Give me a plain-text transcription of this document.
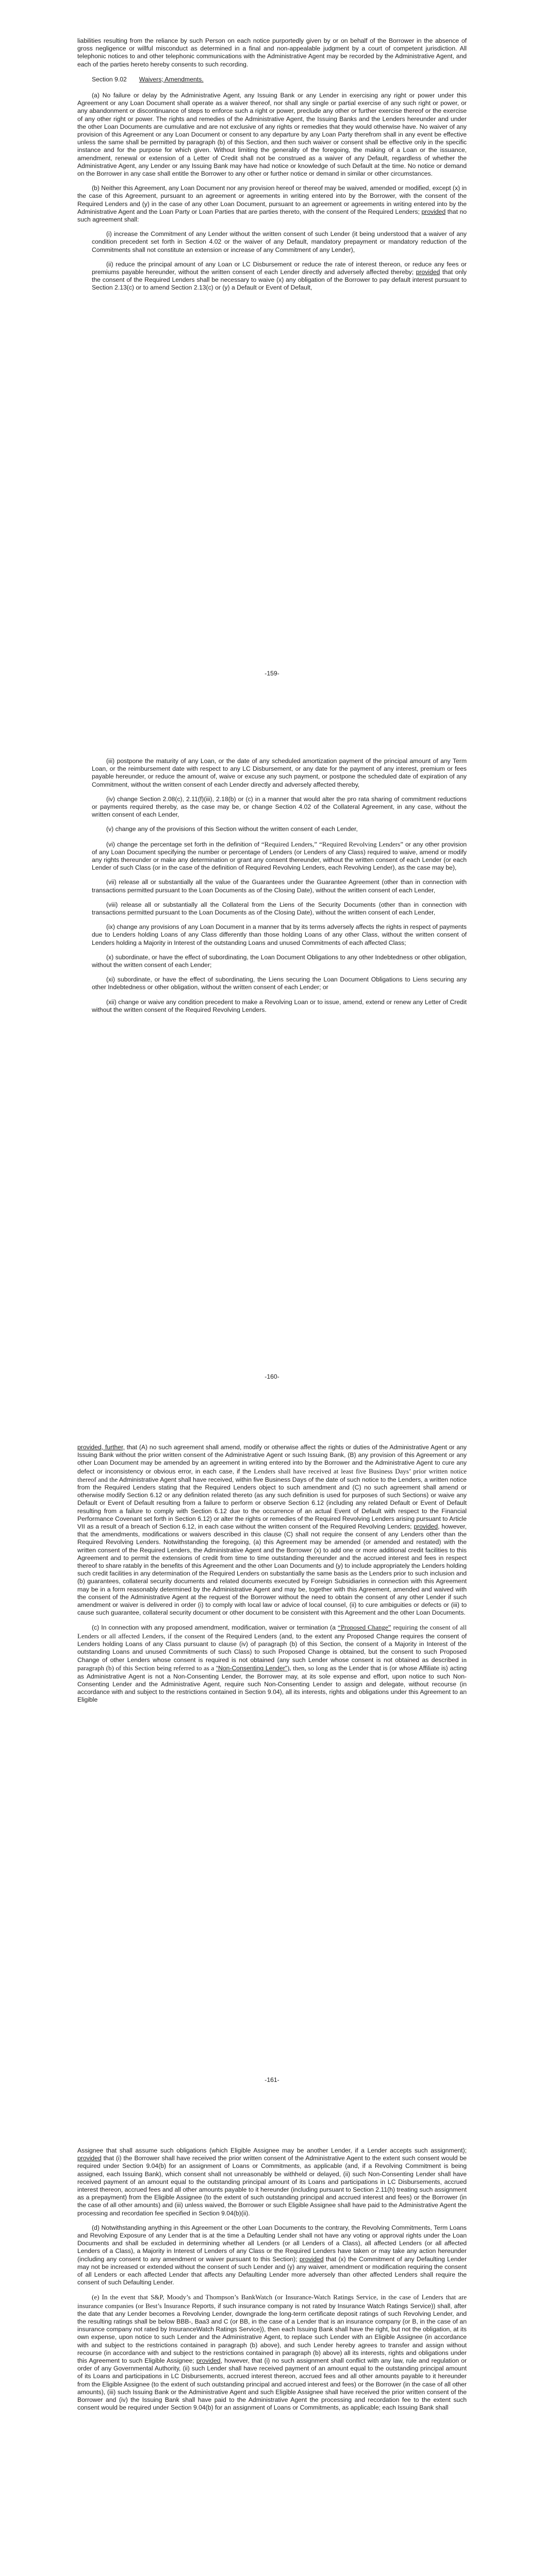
liabilities resulting from the reliance by such Person on each notice purportedly given by or on behalf of the Borrower in the absence of gross negligence or willful misconduct as determined in a final and non-appealable judgment by a court of competent jurisdiction. All telephonic notices to and other telephonic communications with the Administrative Agent may be recorded by the Administrative Agent, and each of the parties hereto hereby consents to such recording.

Section 9.02 Waivers; Amendments.

(a) No failure or delay by the Administrative Agent, any Issuing Bank or any Lender in exercising any right or power under this Agreement or any Loan Document shall operate as a waiver thereof, nor shall any single or partial exercise of any such right or power, or any abandonment or discontinuance of steps to enforce such a right or power, preclude any other or further exercise thereof or the exercise of any other right or power. The rights and remedies of the Administrative Agent, the Issuing Banks and the Lenders hereunder and under the other Loan Documents are cumulative and are not exclusive of any rights or remedies that they would otherwise have. No waiver of any provision of this Agreement or any Loan Document or consent to any departure by any Loan Party therefrom shall in any event be effective unless the same shall be permitted by paragraph (b) of this Section, and then such waiver or consent shall be effective only in the specific instance and for the purpose for which given. Without limiting the generality of the foregoing, the making of a Loan or the issuance, amendment, renewal or extension of a Letter of Credit shall not be construed as a waiver of any Default, regardless of whether the Administrative Agent, any Lender or any Issuing Bank may have had notice or knowledge of such Default at the time. No notice or demand on the Borrower in any case shall entitle the Borrower to any other or further notice or demand in similar or other circumstances.

(b) Neither this Agreement, any Loan Document nor any provision hereof or thereof may be waived, amended or modified, except (x) in the case of this Agreement, pursuant to an agreement or agreements in writing entered into by the Borrower, with the consent of the Required Lenders and (y) in the case of any other Loan Document, pursuant to an agreement or agreements in writing entered into by the Administrative Agent and the Loan Party or Loan Parties that are parties thereto, with the consent of the Required Lenders; provided that no such agreement shall:

(i) increase the Commitment of any Lender without the written consent of such Lender (it being understood that a waiver of any condition precedent set forth in Section 4.02 or the waiver of any Default, mandatory prepayment or mandatory reduction of the Commitments shall not constitute an extension or increase of any Commitment of any Lender),

(ii) reduce the principal amount of any Loan or LC Disbursement or reduce the rate of interest thereon, or reduce any fees or premiums payable hereunder, without the written consent of each Lender directly and adversely affected thereby; provided that only the consent of the Required Lenders shall be necessary to waive (x) any obligation of the Borrower to pay default interest pursuant to Section 2.13(c) or to amend Section 2.13(c) or (y) a Default or Event of Default,

-159-

(iii) postpone the maturity of any Loan, or the date of any scheduled amortization payment of the principal amount of any Term Loan, or the reimbursement date with respect to any LC Disbursement, or any date for the payment of any interest, premium or fees payable hereunder, or reduce the amount of, waive or excuse any such payment, or postpone the scheduled date of expiration of any Commitment, without the written consent of each Lender directly and adversely affected thereby,

(iv) change Section 2.08(c), 2.11(f)(iii), 2.18(b) or (c) in a manner that would alter the pro rata sharing of commitment reductions or payments required thereby, as the case may be, or change Section 4.02 of the Collateral Agreement, in any case, without the written consent of each Lender,

(v) change any of the provisions of this Section without the written consent of each Lender,

(vi) change the percentage set forth in the definition of “Required Lenders,” “Required Revolving Lenders” or any other provision of any Loan Document specifying the number or percentage of Lenders (or Lenders of any Class) required to waive, amend or modify any rights thereunder or make any determination or grant any consent thereunder, without the written consent of each Lender (or each Lender of such Class (or in the case of the definition of Required Revolving Lenders, each Revolving Lender), as the case may be),

(vii) release all or substantially all the value of the Guarantees under the Guarantee Agreement (other than in connection with transactions permitted pursuant to the Loan Documents as of the Closing Date), without the written consent of each Lender,

(viii) release all or substantially all the Collateral from the Liens of the Security Documents (other than in connection with transactions permitted pursuant to the Loan Documents as of the Closing Date), without the written consent of each Lender,

(ix) change any provisions of any Loan Document in a manner that by its terms adversely affects the rights in respect of payments due to Lenders holding Loans of any Class differently than those holding Loans of any other Class, without the written consent of Lenders holding a Majority in Interest of the outstanding Loans and unused Commitments of each affected Class;

(x) subordinate, or have the effect of subordinating, the Loan Document Obligations to any other Indebtedness or other obligation, without the written consent of each Lender;

(xi) subordinate, or have the effect of subordinating, the Liens securing the Loan Document Obligations to Liens securing any other Indebtedness or other obligation, without the written consent of each Lender; or

(xii) change or waive any condition precedent to make a Revolving Loan or to issue, amend, extend or renew any Letter of Credit without the written consent of the Required Revolving Lenders.

-160-

provided, further, that (A) no such agreement shall amend, modify or otherwise affect the rights or duties of the Administrative Agent or any Issuing Bank without the prior written consent of the Administrative Agent or such Issuing Bank, (B) any provision of this Agreement or any other Loan Document may be amended by an agreement in writing entered into by the Borrower and the Administrative Agent to cure any defect or inconsistency or obvious error, in each case, if the Lenders shall have received at least five Business Days’ prior written notice thereof and the Administrative Agent shall have received, within five Business Days of the date of such notice to the Lenders, a written notice from the Required Lenders stating that the Required Lenders object to such amendment and (C) no such agreement shall amend or otherwise modify Section 6.12 or any definition related thereto (as any such definition is used for purposes of such Sections) or waive any Default or Event of Default resulting from a failure to perform or observe Section 6.12 (including any related Default or Event of Default resulting from a failure to comply with Section 6.12 due to the occurrence of an actual Event of Default with respect to the Financial Performance Covenant set forth in Section 6.12) or alter the rights or remedies of the Required Revolving Lenders arising pursuant to Article VII as a result of a breach of Section 6.12, in each case without the written consent of the Required Revolving Lenders; provided, however, that the amendments, modifications or waivers described in this clause (C) shall not require the consent of any Lenders other than the Required Revolving Lenders. Notwithstanding the foregoing, (a) this Agreement may be amended (or amended and restated) with the written consent of the Required Lenders, the Administrative Agent and the Borrower (x) to add one or more additional credit facilities to this Agreement and to permit the extensions of credit from time to time outstanding thereunder and the accrued interest and fees in respect thereof to share ratably in the benefits of this Agreement and the other Loan Documents and (y) to include appropriately the Lenders holding such credit facilities in any determination of the Required Lenders on substantially the same basis as the Lenders prior to such inclusion and (b) guarantees, collateral security documents and related documents executed by Foreign Subsidiaries in connection with this Agreement may be in a form reasonably determined by the Administrative Agent and may be, together with this Agreement, amended and waived with the consent of the Administrative Agent at the request of the Borrower without the need to obtain the consent of any other Lender if such amendment or waiver is delivered in order (i) to comply with local law or advice of local counsel, (ii) to cure ambiguities or defects or (iii) to cause such guarantee, collateral security document or other document to be consistent with this Agreement and the other Loan Documents.

(c) In connection with any proposed amendment, modification, waiver or termination (a “Proposed Change” requiring the consent of all Lenders or all affected Lenders, if the consent of the Required Lenders (and, to the extent any Proposed Change requires the consent of Lenders holding Loans of any Class pursuant to clause (iv) of paragraph (b) of this Section, the consent of a Majority in Interest of the outstanding Loans and unused Commitments of such Class) to such Proposed Change is obtained, but the consent to such Proposed Change of other Lenders whose consent is required is not obtained (any such Lender whose consent is not obtained as described in paragraph (b) of this Section being referred to as a “Non-Consenting Lender”), then, so long as the Lender that is (or whose Affiliate is) acting as Administrative Agent is not a Non-Consenting Lender, the Borrower may, at its sole expense and effort, upon notice to such Non-Consenting Lender and the Administrative Agent, require such Non-Consenting Lender to assign and delegate, without recourse (in accordance with and subject to the restrictions contained in Section 9.04), all its interests, rights and obligations under this Agreement to an Eligible

-161-

Assignee that shall assume such obligations (which Eligible Assignee may be another Lender, if a Lender accepts such assignment); provided that (i) the Borrower shall have received the prior written consent of the Administrative Agent to the extent such consent would be required under Section 9.04(b) for an assignment of Loans or Commitments, as applicable (and, if a Revolving Commitment is being assigned, each Issuing Bank), which consent shall not unreasonably be withheld or delayed, (ii) such Non-Consenting Lender shall have received payment of an amount equal to the outstanding principal amount of its Loans and participations in LC Disbursements, accrued interest thereon, accrued fees and all other amounts payable to it hereunder (including pursuant to Section 2.11(h) treating such assignment as a prepayment) from the Eligible Assignee (to the extent of such outstanding principal and accrued interest and fees) or the Borrower (in the case of all other amounts) and (iii) unless waived, the Borrower or such Eligible Assignee shall have paid to the Administrative Agent the processing and recordation fee specified in Section 9.04(b)(ii).

(d) Notwithstanding anything in this Agreement or the other Loan Documents to the contrary, the Revolving Commitments, Term Loans and Revolving Exposure of any Lender that is at the time a Defaulting Lender shall not have any voting or approval rights under the Loan Documents and shall be excluded in determining whether all Lenders (or all Lenders of a Class), all affected Lenders (or all affected Lenders of a Class), a Majority in Interest of Lenders of any Class or the Required Lenders have taken or may take any action hereunder (including any consent to any amendment or waiver pursuant to this Section); provided that (x) the Commitment of any Defaulting Lender may not be increased or extended without the consent of such Lender and (y) any waiver, amendment or modification requiring the consent of all Lenders or each affected Lender that affects any Defaulting Lender more adversely than other affected Lenders shall require the consent of such Defaulting Lender.

(e) In the event that S&P, Moody’s and Thompson’s BankWatch (or Insurance-Watch Ratings Service, in the case of Lenders that are insurance companies (or Best’s Insurance Reports, if such insurance company is not rated by Insurance Watch Ratings Service)) shall, after the date that any Lender becomes a Revolving Lender, downgrade the long-term certificate deposit ratings of such Revolving Lender, and the resulting ratings shall be below BBB-, Baa3 and C (or BB, in the case of a Lender that is an insurance company (or B, in the case of an insurance company not rated by InsuranceWatch Ratings Service)), then each Issuing Bank shall have the right, but not the obligation, at its own expense, upon notice to such Lender and the Administrative Agent, to replace such Lender with an Eligible Assignee (in accordance with and subject to the restrictions contained in paragraph (b) above), and such Lender hereby agrees to transfer and assign without recourse (in accordance with and subject to the restrictions contained in paragraph (b) above) all its interests, rights and obligations under this Agreement to such Eligible Assignee; provided, however, that (i) no such assignment shall conflict with any law, rule and regulation or order of any Governmental Authority, (ii) such Lender shall have received payment of an amount equal to the outstanding principal amount of its Loans and participations in LC Disbursements, accrued interest thereon, accrued fees and all other amounts payable to it hereunder from the Eligible Assignee (to the extent of such outstanding principal and accrued interest and fees) or the Borrower (in the case of all other amounts), (iii) such Issuing Bank or the Administrative Agent and such Eligible Assignee shall have received the prior written consent of the Borrower and (iv) the Issuing Bank shall have paid to the Administrative Agent the processing and recordation fee to the extent such consent would be required under Section 9.04(b) for an assignment of Loans or Commitments, as applicable; each Issuing Bank shall
